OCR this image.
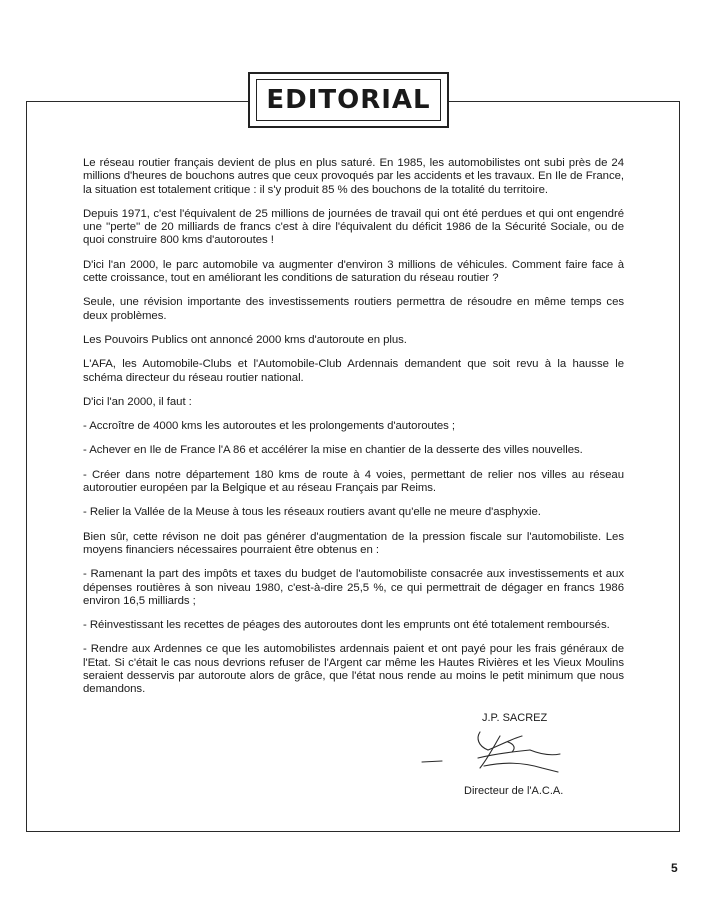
EDITORIAL

Le réseau routier français devient de plus en plus saturé. En 1985, les automobilistes ont subi près de 24 millions d'heures de bouchons autres que ceux provoqués par les accidents et les travaux. En Ile de France, la situation est totalement critique : il s'y produit 85 % des bouchons de la totalité du territoire.

Depuis 1971, c'est l'équivalent de 25 millions de journées de travail qui ont été perdues et qui ont engendré une ''perte'' de 20 milliards de francs c'est à dire l'équivalent du déficit 1986 de la Sécurité Sociale, ou de quoi construire 800 kms d'autoroutes !

D'ici l'an 2000, le parc automobile va augmenter d'environ 3 millions de véhicules. Comment faire face à cette croissance, tout en améliorant les conditions de saturation du réseau routier ?

Seule, une révision importante des investissements routiers permettra de résoudre en même temps ces deux problèmes.

Les Pouvoirs Publics ont annoncé 2000 kms d'autoroute en plus.

L'AFA, les Automobile-Clubs et l'Automobile-Club Ardennais demandent que soit revu à la hausse le schéma directeur du réseau routier national.

D'ici l'an 2000, il faut :

- Accroître de 4000 kms les autoroutes et les prolongements d'autoroutes ;

- Achever en Ile de France l'A 86 et accélérer la mise en chantier de la desserte des villes nouvelles.

- Créer dans notre département 180 kms de route à 4 voies, permettant de relier nos villes au réseau autoroutier européen par la Belgique et au réseau Français par Reims.

- Relier la Vallée de la Meuse à tous les réseaux routiers avant qu'elle ne meure d'asphyxie.

Bien sûr, cette révison ne doit pas générer d'augmentation de la pression fiscale sur l'automobiliste. Les moyens financiers nécessaires pourraient être obtenus en :

- Ramenant la part des impôts et taxes du budget de l'automobiliste consacrée aux investissements et aux dépenses routières à son niveau 1980, c'est-à-dire 25,5 %, ce qui permettrait de dégager en francs 1986 environ 16,5 milliards ;

- Réinvestissant les recettes de péages des autoroutes dont les emprunts ont été totalement remboursés.

- Rendre aux Ardennes ce que les automobilistes ardennais paient et ont payé pour les frais généraux de l'Etat. Si c'était le cas nous devrions refuser de l'Argent car même les Hautes Rivières et les Vieux Moulins seraient desservis par autoroute alors de grâce, que l'état nous rende au moins le petit minimum que nous demandons.

J.P. SACREZ
Directeur de l'A.C.A.
5
